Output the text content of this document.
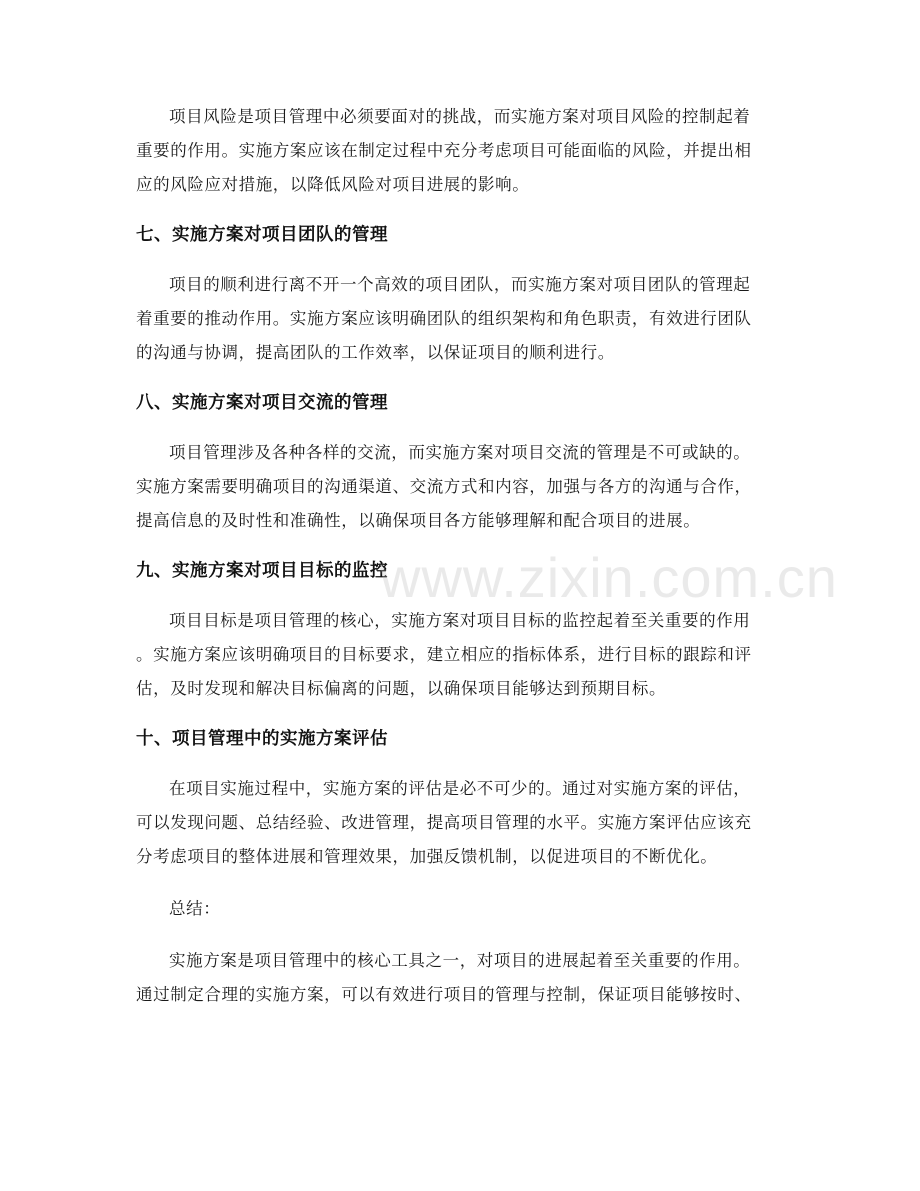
项目风险是项目管理中必须要面对的挑战，而实施方案对项目风险的控制起着
重要的作用。实施方案应该在制定过程中充分考虑项目可能面临的风险，并提出相
应的风险应对措施，以降低风险对项目进展的影响。

七、实施方案对项目团队的管理

项目的顺利进行离不开一个高效的项目团队，而实施方案对项目团队的管理起
着重要的推动作用。实施方案应该明确团队的组织架构和角色职责，有效进行团队
的沟通与协调，提高团队的工作效率，以保证项目的顺利进行。

八、实施方案对项目交流的管理

项目管理涉及各种各样的交流，而实施方案对项目交流的管理是不可或缺的。
实施方案需要明确项目的沟通渠道、交流方式和内容，加强与各方的沟通与合作，
提高信息的及时性和准确性，以确保项目各方能够理解和配合项目的进展。

九、实施方案对项目目标的监控

项目目标是项目管理的核心，实施方案对项目目标的监控起着至关重要的作用
。实施方案应该明确项目的目标要求，建立相应的指标体系，进行目标的跟踪和评
估，及时发现和解决目标偏离的问题，以确保项目能够达到预期目标。

十、项目管理中的实施方案评估

在项目实施过程中，实施方案的评估是必不可少的。通过对实施方案的评估，
可以发现问题、总结经验、改进管理，提高项目管理的水平。实施方案评估应该充
分考虑项目的整体进展和管理效果，加强反馈机制，以促进项目的不断优化。

总结：

实施方案是项目管理中的核心工具之一，对项目的进展起着至关重要的作用。
通过制定合理的实施方案，可以有效进行项目的管理与控制，保证项目能够按时、

www.zixin.com.cn
